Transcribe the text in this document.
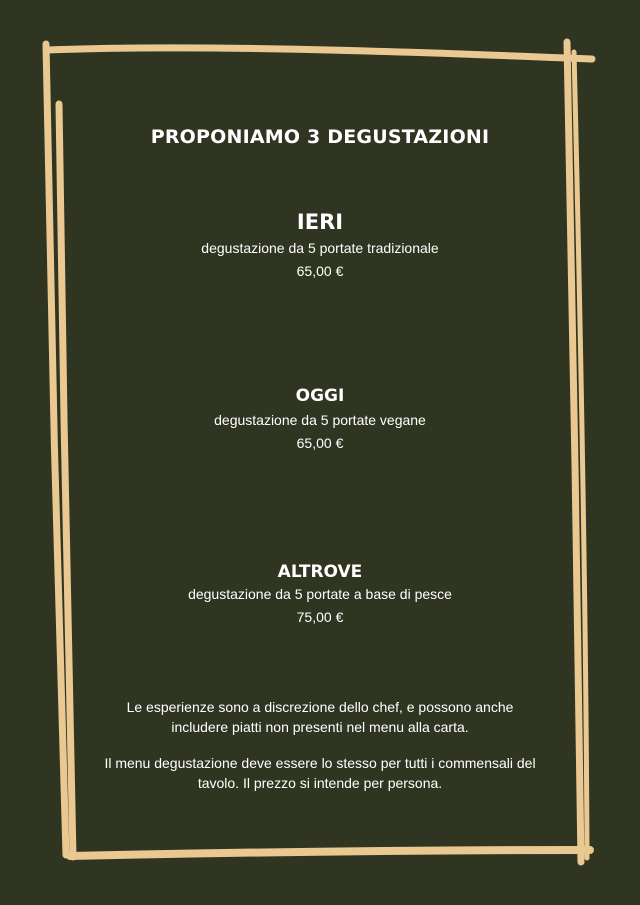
PROPONIAMO 3 DEGUSTAZIONI
IERI
degustazione da 5 portate tradizionale
65,00 €
OGGI
degustazione da 5 portate vegane
65,00 €
ALTROVE
degustazione da 5 portate a base di pesce
75,00 €
Le esperienze sono a discrezione dello chef, e possono anche includere piatti non presenti nel menu alla carta.
Il menu degustazione deve essere lo stesso per tutti i commensali del tavolo. Il prezzo si intende per persona.
